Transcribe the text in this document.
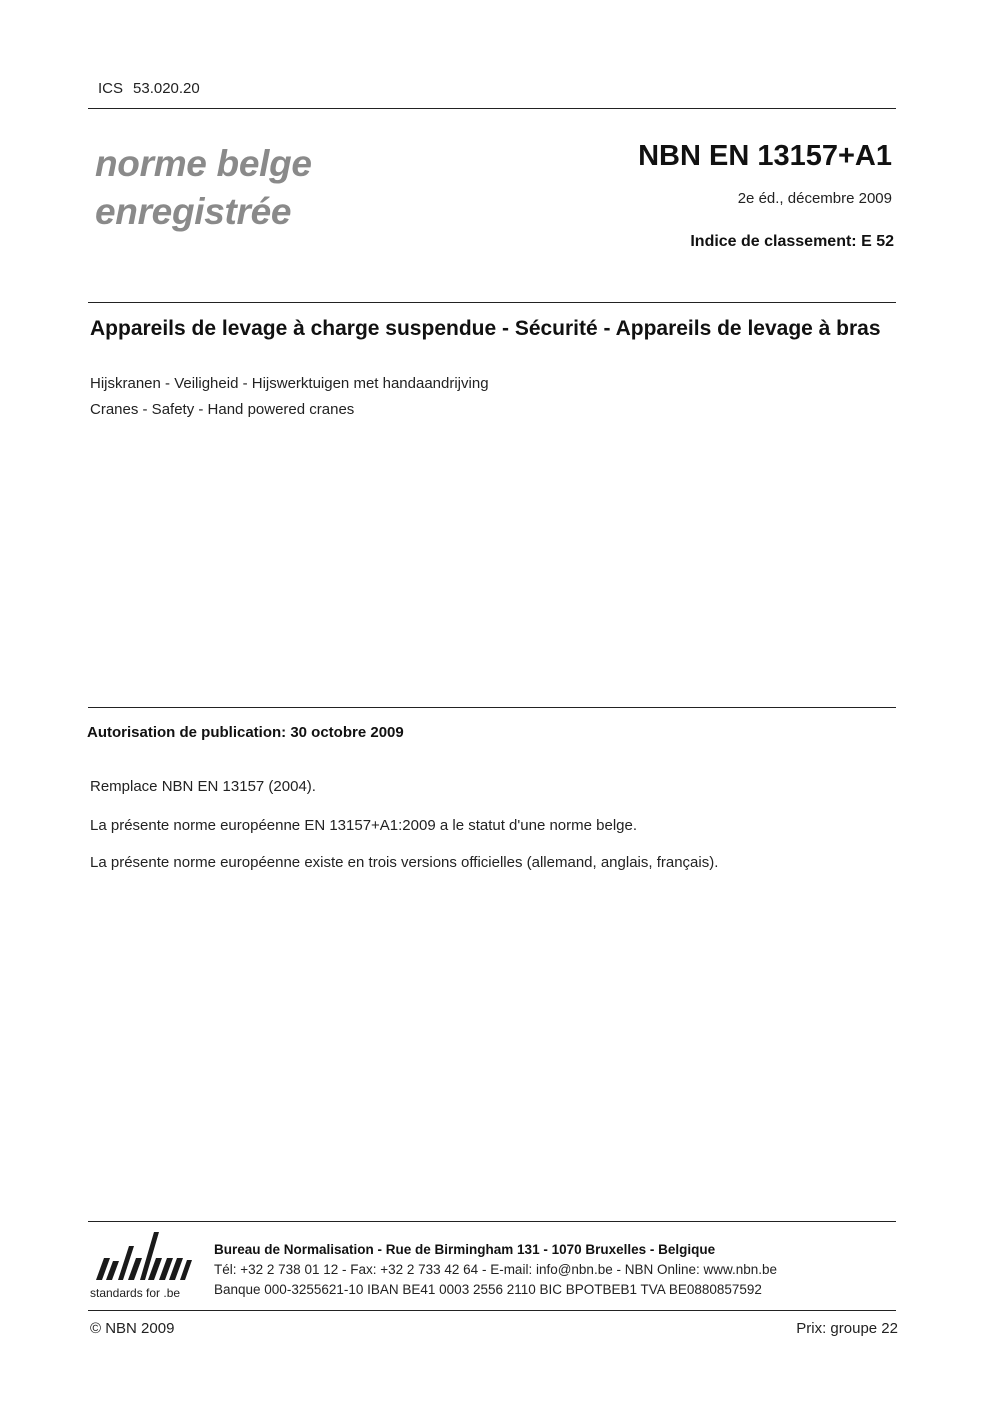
ICS 53.020.20
norme belge
enregistrée
NBN EN 13157+A1
2e éd., décembre 2009
Indice de classement: E 52
Appareils de levage à charge suspendue - Sécurité - Appareils de levage à bras
Hijskranen - Veiligheid - Hijswerktuigen met handaandrijving
Cranes - Safety - Hand powered cranes
Autorisation de publication: 30 octobre 2009
Remplace NBN EN 13157 (2004).
La présente norme européenne EN 13157+A1:2009 a le statut d'une norme belge.
La présente norme européenne existe en trois versions officielles (allemand, anglais, français).
standards for .be
Bureau de Normalisation - Rue de Birmingham 131 - 1070 Bruxelles - Belgique
Tél: +32 2 738 01 12 - Fax: +32 2 733 42 64 - E-mail: info@nbn.be - NBN Online: www.nbn.be
Banque 000-3255621-10 IBAN BE41 0003 2556 2110 BIC BPOTBEB1 TVA BE0880857592
© NBN 2009	Prix: groupe 22
